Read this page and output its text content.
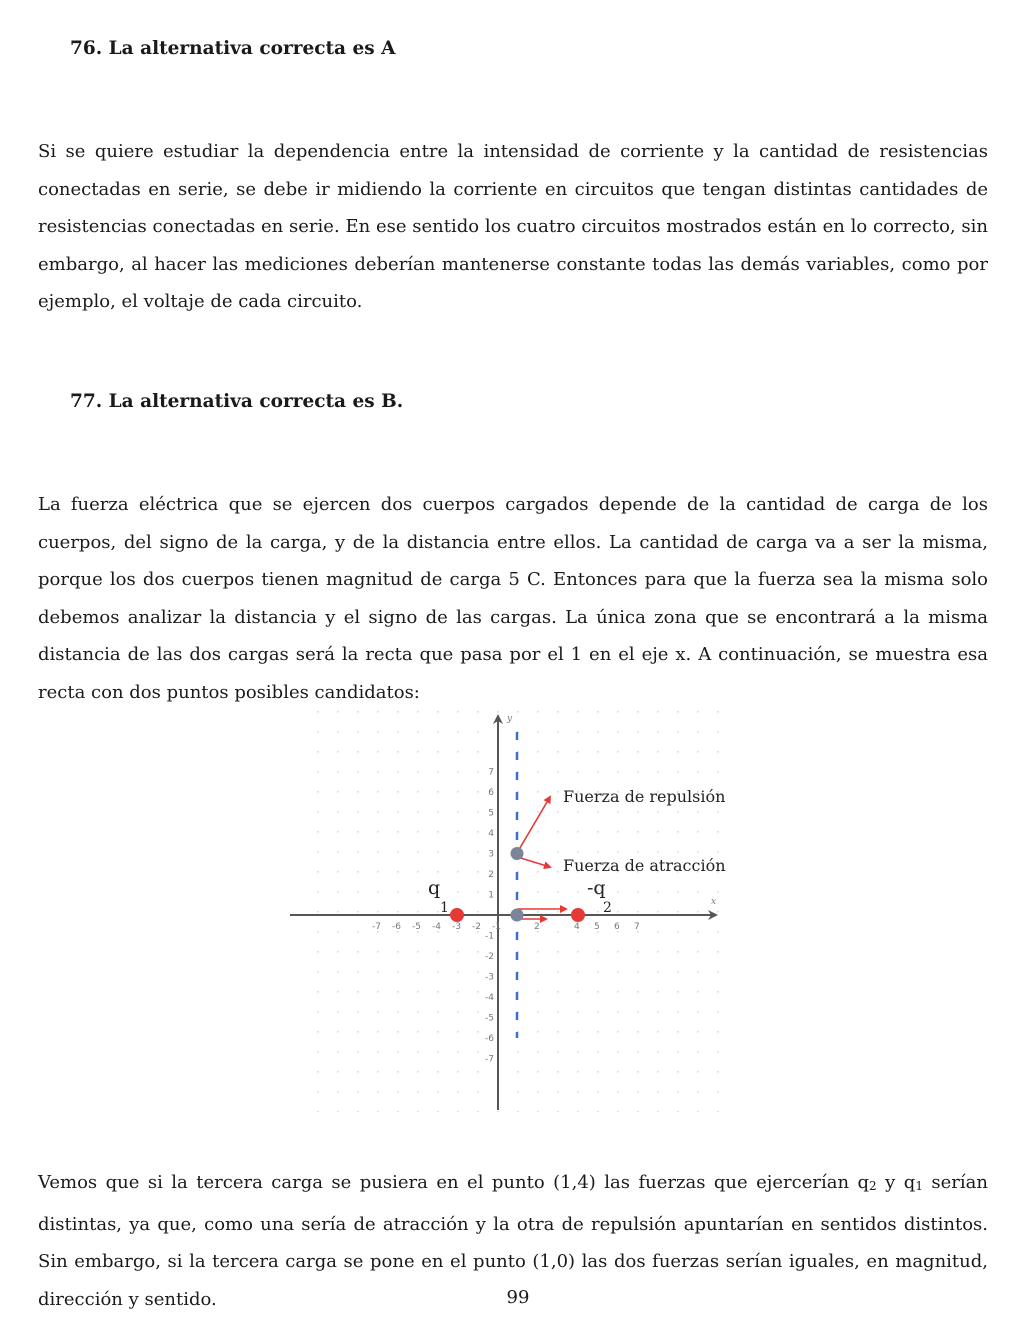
76. La alternativa correcta es A

Si se quiere estudiar la dependencia entre la intensidad de corriente y la cantidad de resistencias conectadas en serie, se debe ir midiendo la corriente en circuitos que tengan distintas cantidades de resistencias conectadas en serie. En ese sentido los cuatro circuitos mostrados están en lo correcto, sin embargo, al hacer las mediciones deberían mantenerse constante todas las demás variables, como por ejemplo, el voltaje de cada circuito.

77. La alternativa correcta es B.

La fuerza eléctrica que se ejercen dos cuerpos cargados depende de la cantidad de carga de los cuerpos, del signo de la carga, y de la distancia entre ellos. La cantidad de carga va a ser la misma, porque los dos cuerpos tienen magnitud de carga 5 C. Entonces para que la fuerza sea la misma solo debemos analizar la distancia y el signo de las cargas. La única zona que se encontrará a la misma distancia de las dos cargas será la recta que pasa por el 1 en el eje x. A continuación, se muestra esa recta con dos puntos posibles candidatos:

x
y
-7 -6 -5 -4 -3 -2 -1	2	4 5 6 7
7
6
5
4
3
2
1
-1
-2
-3
-4
-5
-6
-7
Fuerza de repulsión
Fuerza de atracción
q
1
-q
2

Vemos que si la tercera carga se pusiera en el punto (1,4) las fuerzas que ejercerían $q_2$ y $q_1$ serían distintas, ya que, como una sería de atracción y la otra de repulsión apuntarían en sentidos distintos. Sin embargo, si la tercera carga se pone en el punto (1,0) las dos fuerzas serían iguales, en magnitud, dirección y sentido.	99
